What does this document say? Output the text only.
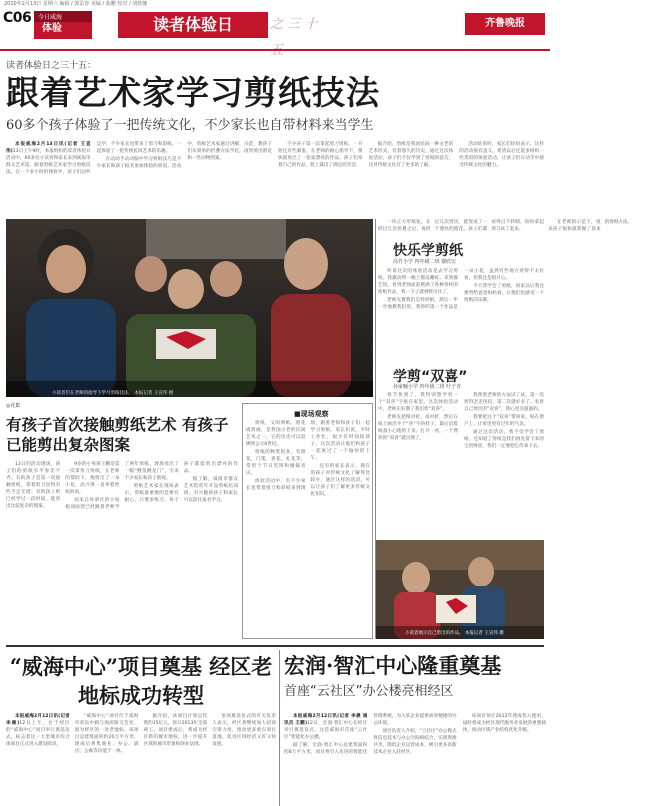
2010年2月13日 星期六 编辑 / 郭雷春 美编 / 曲鹏 校对 / 胡轶娜
C06	今日威海
体验	读者体验日	之 三 十	齐鲁晚报
读者体验日之三十五：
跟着艺术家学习剪纸技法
60多个孩子体验了一把传统文化，不少家长也自带材料来当学生

本报威海2月13日讯(记者 王宣伟)13日上午9时，本报组织的读者体验日活动中，60多位小读者和家长来到威海市群众艺术馆，跟着剪纸艺术家学习剪纸技法。在一个多小时的体验中，孩子们边听边学，不少家长也带来了剪刀和彩纸，一起体验了一把传统民间艺术的乐趣。

在动动手动动脑中学习剪纸技巧是不少家长和孩子报名参加体验的原因。活动中，剪纸艺术家通过讲解、示范，教孩子们从简单的折叠方法学起，再到剪出窗花和一些动物图案。

不少孩子第一次拿起剪刀剪纸，一开始还有些紧张，在老师的耐心指导下，很快就剪出了一张张漂亮的作品。孩子们举着自己的作品，脸上露出了满足的笑容。

据介绍，剪纸是我国民间一种古老的艺术形式，有着悠久的历史。通过这次体验活动，孩子们不仅学到了剪纸的技巧，还对传统文化有了更多的了解。

活动结束时，家长们纷纷表示，这样的活动很有意义，希望以后还能多组织一些类似的体验活动，让孩子们在动手中感受传统文化的魅力。

小读者们在老师的指导下学习剪纸技法。 本报记者 王宣伟 摄

一块正方形纸张，在经过几次折叠之后，再经过几次剪切，就变成了一个漂亮的窗花。孩子们都看得目不转睛，纷纷拿起剪刀试了起来。

在老师的示范下，很多孩子很快就掌握了基本的剪纸方法。

快乐学剪纸
高竹小学 四年级二班 谢欣宏

听说这次的体验活动是去学习剪纸，我激动得一晚上都没睡好。来到群艺馆，看到老师面前摆满了各种各样的剪纸作品，我一下子就被吸引住了。

老师先教我们怎样折纸，然后一步一步地教我们剪。我剪的第一个作品是一朵小花，虽然有些地方剪得不太好看，但我还是很开心。

今天我学会了剪纸，回家以后我还要剪给爸爸妈妈看，让他们也感受一下剪纸的乐趣。

学剪“双喜”
孙家疃小学 四年级二班 叶子青

春节快到了，我特别想学剪一个“双喜”字贴在家里。这次体验活动中，老师正好教了我们剪“双喜”。

老师先把纸对折，再对折，然后在纸上画出半个“喜”字的样子，最后沿着线条小心地剪下来。打开一看，一个漂亮的“双喜”就出现了。

我照着老师的方法试了试，第一次剪得歪歪扭扭，第二次就好多了。看着自己剪出的“双喜”，我心里美滋滋的。

我要把这个“双喜”带回家，贴在窗户上，让家里更有过年的气氛。

通过这次活动，我不仅学会了剪纸，还知道了剪纸是我们祖先留下来的宝贵财富，我们一定要把它传承下去。

小读者展示自己剪出的作品。 本报记者 王宣伟 摄
◎花絮
有孩子首次接触剪纸艺术 有孩子已能剪出复杂图案

13日的活动现场，孩子们的剪纸水平参差不齐。有的孩子是第一次接触剪纸，拿着剪刀显得有些手足无措；有的孩子则已经学过一段时间，能剪出比较复杂的图案。

9岁的小男孩王鹏是第一次拿剪刀剪纸，在老师的帮助下，他剪出了一朵小花，高兴得一直举着给妈妈看。

而来自环翠区的小姑娘刘雨萱已经跟着老师学了两年剪纸，现场剪出了一幅“鲤鱼跳龙门”，引来不少家长和孩子围观。

剪纸艺术家在现场表示，剪纸最重要的是要有耐心，只要多练习，每个孩子都能剪出漂亮的作品。

据了解，威海市群众艺术馆常年开设剪纸培训班，有兴趣的孩子和家长可以前往报名学习。

■现场观察

剪纸，又叫刻纸、窗花或剪画，是我国古老的民间艺术之一，它的历史可以追溯到公元6世纪。

剪纸的种类很多，有窗花、门笺、喜花、礼花等，常用于节日装饰和婚嫁喜庆。

体验活动中，有不少家长也带着剪刀和彩纸来到现场，跟着老师和孩子们一起学习剪纸。家长们说，平时工作忙，很少有时间陪孩子，这次活动让他们和孩子一起度过了一个愉快的上午。

还有的家长表示，现在的孩子对传统文化了解得比较少，通过这样的活动，可以让孩子们了解更多传统文化知识。

“威海中心”项目奠基 经区老地标成功转型

本报威海2月12日讯(记者 李晨)12日上午，位于经区的“威海中心”项目举行奠基仪式，标志着这一大型城市综合体项目正式进入建设阶段。

“威海中心”项目位于威海市青岛中路与海滨路交会处，原为经区的一处老地标。该项目总建筑面积约20万平方米，建成后将集商业、办公、酒店、公寓等功能于一体。

据介绍，该项目计划总投资约15亿元，预计2013年全部竣工。项目建成后，将成为经区新的城市地标，进一步提升区域的城市形象和商业氛围。

参加奠基仪式的有关负责人表示，经区将继续加大招商引资力度，推动更多重点项目落地，促进区域经济又好又快发展。

宏润·智汇中心隆重奠基
首座“云社区”办公楼亮相经区

本报威海2月12日讯(记者 李晨 通讯员 王鹏)12日，宏润·智汇中心在经区举行奠基仪式，这是威海市首座“云社区”智能化办公楼。

据了解，宏润·智汇中心总建筑面积约8万平方米，项目将引入先进的智能化管理系统，为入驻企业提供高效便捷的办公环境。

项目负责人介绍，“云社区”办公模式将信息技术与办公空间相结合，实现资源共享，降低企业运营成本，吸引更多高新技术企业入驻经区。

该项目预计2012年建成投入使用，届时将成为经区现代服务业发展的重要载体，推动区域产业结构优化升级。
